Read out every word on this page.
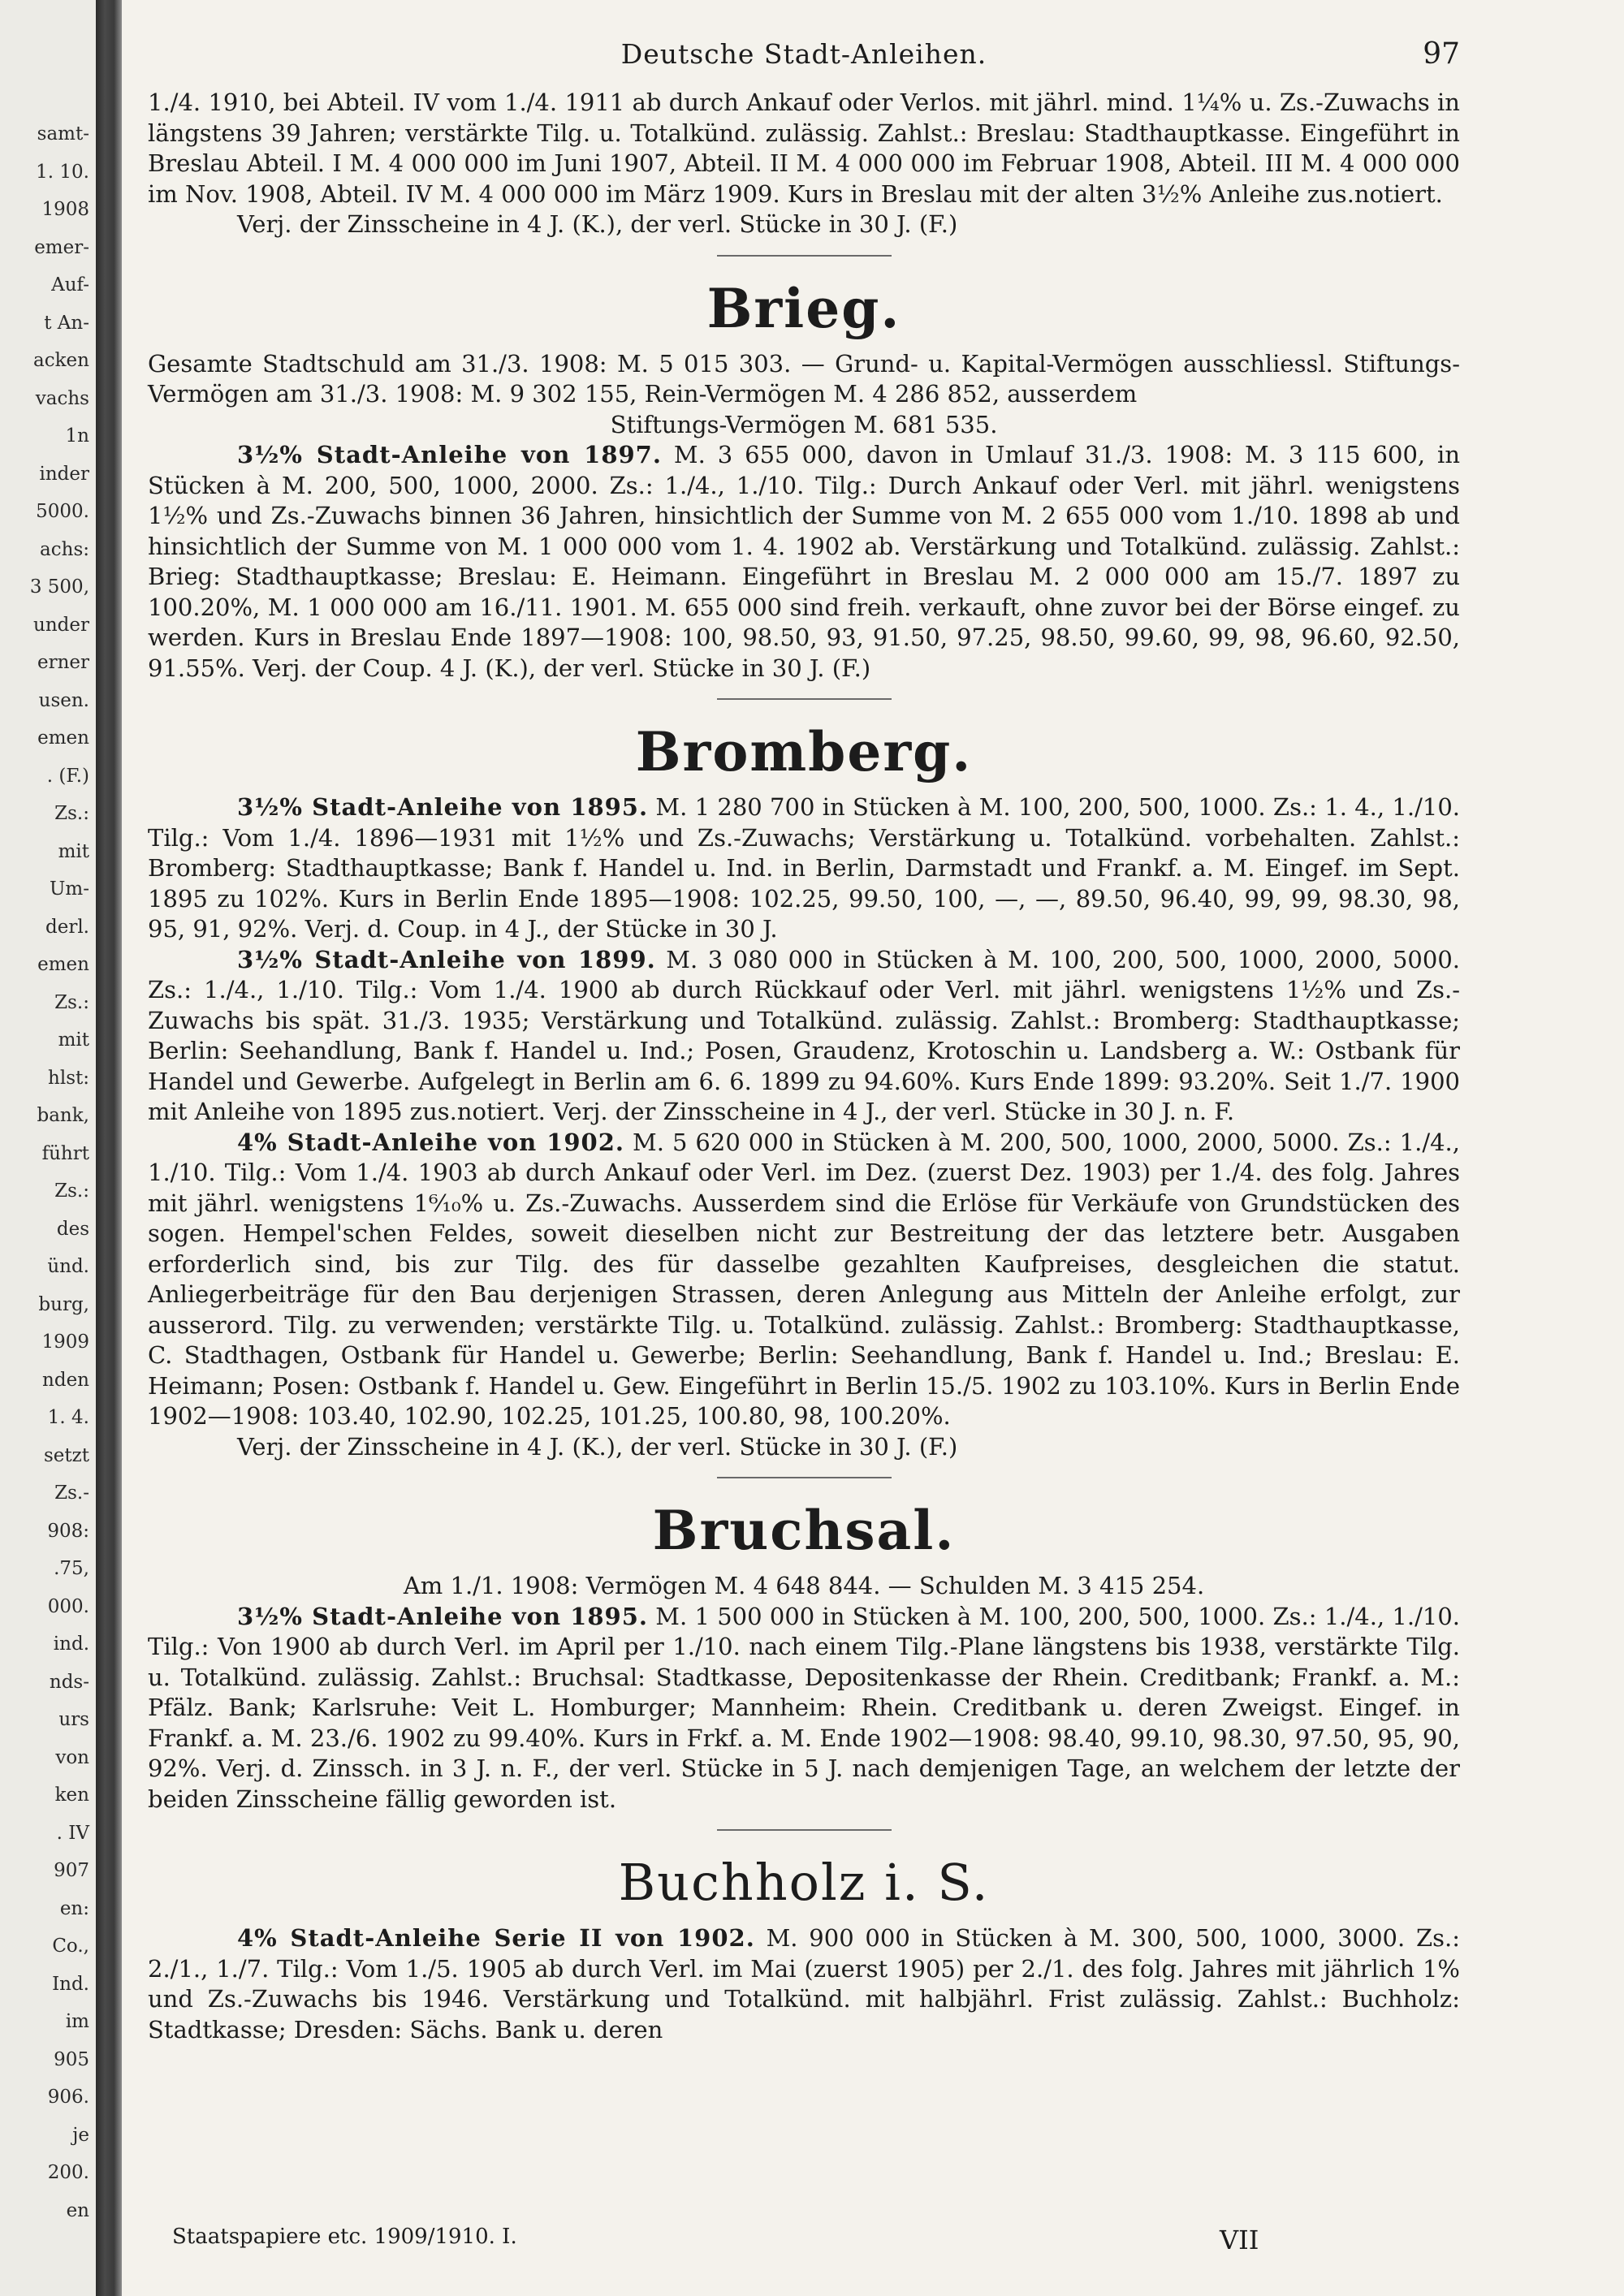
samt-
1. 10.
1908
emer-
Auf-
t An-
acken
vachs
1n
inder
5000.
achs:
3 500,
under
erner
usen.
emen
. (F.)
Zs.:
mit
Um-
derl.
emen
Zs.:
mit
hlst:
bank,
führt
Zs.:
des
ünd.
burg,
1909
nden
1. 4.
setzt
Zs.-
908:
.75,
000.
ind.
nds-
urs
von
ken
. IV
907
en:
Co.,
Ind.
im
905
906.
je
200.
en
Deutsche Stadt-Anleihen.	97

1./4. 1910, bei Abteil. IV vom 1./4. 1911 ab durch Ankauf oder Verlos. mit jährl. mind. 1¼% u. Zs.-Zuwachs in längstens 39 Jahren; verstärkte Tilg. u. Totalkünd. zulässig. Zahlst.: Breslau: Stadthauptkasse. Eingeführt in Breslau Abteil. I M. 4 000 000 im Juni 1907, Abteil. II M. 4 000 000 im Februar 1908, Abteil. III M. 4 000 000 im Nov. 1908, Abteil. IV M. 4 000 000 im März 1909. Kurs in Breslau mit der alten 3½% Anleihe zus.notiert.

Verj. der Zinsscheine in 4 J. (K.), der verl. Stücke in 30 J. (F.)

Brieg.

Gesamte Stadtschuld am 31./3. 1908: M. 5 015 303. — Grund- u. Kapital-Vermögen ausschliessl. Stiftungs-Vermögen am 31./3. 1908: M. 9 302 155, Rein-Vermögen M. 4 286 852, ausserdem

Stiftungs-Vermögen M. 681 535.

3½% Stadt-Anleihe von 1897. M. 3 655 000, davon in Umlauf 31./3. 1908: M. 3 115 600, in Stücken à M. 200, 500, 1000, 2000. Zs.: 1./4., 1./10. Tilg.: Durch Ankauf oder Verl. mit jährl. wenigstens 1½% und Zs.-Zuwachs binnen 36 Jahren, hinsichtlich der Summe von M. 2 655 000 vom 1./10. 1898 ab und hinsichtlich der Summe von M. 1 000 000 vom 1. 4. 1902 ab. Verstärkung und Totalkünd. zulässig. Zahlst.: Brieg: Stadthauptkasse; Breslau: E. Heimann. Eingeführt in Breslau M. 2 000 000 am 15./7. 1897 zu 100.20%, M. 1 000 000 am 16./11. 1901. M. 655 000 sind freih. verkauft, ohne zuvor bei der Börse eingef. zu werden. Kurs in Breslau Ende 1897—1908: 100, 98.50, 93, 91.50, 97.25, 98.50, 99.60, 99, 98, 96.60, 92.50, 91.55%. Verj. der Coup. 4 J. (K.), der verl. Stücke in 30 J. (F.)

Bromberg.

3½% Stadt-Anleihe von 1895. M. 1 280 700 in Stücken à M. 100, 200, 500, 1000. Zs.: 1. 4., 1./10. Tilg.: Vom 1./4. 1896—1931 mit 1½% und Zs.-Zuwachs; Verstärkung u. Totalkünd. vorbehalten. Zahlst.: Bromberg: Stadthauptkasse; Bank f. Handel u. Ind. in Berlin, Darmstadt und Frankf. a. M. Eingef. im Sept. 1895 zu 102%. Kurs in Berlin Ende 1895—1908: 102.25, 99.50, 100, —, —, 89.50, 96.40, 99, 99, 98.30, 98, 95, 91, 92%. Verj. d. Coup. in 4 J., der Stücke in 30 J.

3½% Stadt-Anleihe von 1899. M. 3 080 000 in Stücken à M. 100, 200, 500, 1000, 2000, 5000. Zs.: 1./4., 1./10. Tilg.: Vom 1./4. 1900 ab durch Rückkauf oder Verl. mit jährl. wenigstens 1½% und Zs.-Zuwachs bis spät. 31./3. 1935; Verstärkung und Totalkünd. zulässig. Zahlst.: Bromberg: Stadthauptkasse; Berlin: Seehandlung, Bank f. Handel u. Ind.; Posen, Graudenz, Krotoschin u. Landsberg a. W.: Ostbank für Handel und Gewerbe. Aufgelegt in Berlin am 6. 6. 1899 zu 94.60%. Kurs Ende 1899: 93.20%. Seit 1./7. 1900 mit Anleihe von 1895 zus.notiert. Verj. der Zinsscheine in 4 J., der verl. Stücke in 30 J. n. F.

4% Stadt-Anleihe von 1902. M. 5 620 000 in Stücken à M. 200, 500, 1000, 2000, 5000. Zs.: 1./4., 1./10. Tilg.: Vom 1./4. 1903 ab durch Ankauf oder Verl. im Dez. (zuerst Dez. 1903) per 1./4. des folg. Jahres mit jährl. wenigstens 1⁶⁄₁₀% u. Zs.-Zuwachs. Ausserdem sind die Erlöse für Verkäufe von Grundstücken des sogen. Hempel'schen Feldes, soweit dieselben nicht zur Bestreitung der das letztere betr. Ausgaben erforderlich sind, bis zur Tilg. des für dasselbe gezahlten Kaufpreises, desgleichen die statut. Anliegerbeiträge für den Bau derjenigen Strassen, deren Anlegung aus Mitteln der Anleihe erfolgt, zur ausserord. Tilg. zu verwenden; verstärkte Tilg. u. Totalkünd. zulässig. Zahlst.: Bromberg: Stadthauptkasse, C. Stadthagen, Ostbank für Handel u. Gewerbe; Berlin: Seehandlung, Bank f. Handel u. Ind.; Breslau: E. Heimann; Posen: Ostbank f. Handel u. Gew. Eingeführt in Berlin 15./5. 1902 zu 103.10%. Kurs in Berlin Ende 1902—1908: 103.40, 102.90, 102.25, 101.25, 100.80, 98, 100.20%.

Verj. der Zinsscheine in 4 J. (K.), der verl. Stücke in 30 J. (F.)

Bruchsal.

Am 1./1. 1908: Vermögen M. 4 648 844. — Schulden M. 3 415 254.

3½% Stadt-Anleihe von 1895. M. 1 500 000 in Stücken à M. 100, 200, 500, 1000. Zs.: 1./4., 1./10. Tilg.: Von 1900 ab durch Verl. im April per 1./10. nach einem Tilg.-Plane längstens bis 1938, verstärkte Tilg. u. Totalkünd. zulässig. Zahlst.: Bruchsal: Stadtkasse, Depositenkasse der Rhein. Creditbank; Frankf. a. M.: Pfälz. Bank; Karlsruhe: Veit L. Homburger; Mannheim: Rhein. Creditbank u. deren Zweigst. Eingef. in Frankf. a. M. 23./6. 1902 zu 99.40%. Kurs in Frkf. a. M. Ende 1902—1908: 98.40, 99.10, 98.30, 97.50, 95, 90, 92%. Verj. d. Zinssch. in 3 J. n. F., der verl. Stücke in 5 J. nach demjenigen Tage, an welchem der letzte der beiden Zinsscheine fällig geworden ist.

Buchholz i. S.

4% Stadt-Anleihe Serie II von 1902. M. 900 000 in Stücken à M. 300, 500, 1000, 3000. Zs.: 2./1., 1./7. Tilg.: Vom 1./5. 1905 ab durch Verl. im Mai (zuerst 1905) per 2./1. des folg. Jahres mit jährlich 1% und Zs.-Zuwachs bis 1946. Verstärkung und Totalkünd. mit halbjährl. Frist zulässig. Zahlst.: Buchholz: Stadtkasse; Dresden: Sächs. Bank u. deren

Staatspapiere etc. 1909/1910. I.	VII
